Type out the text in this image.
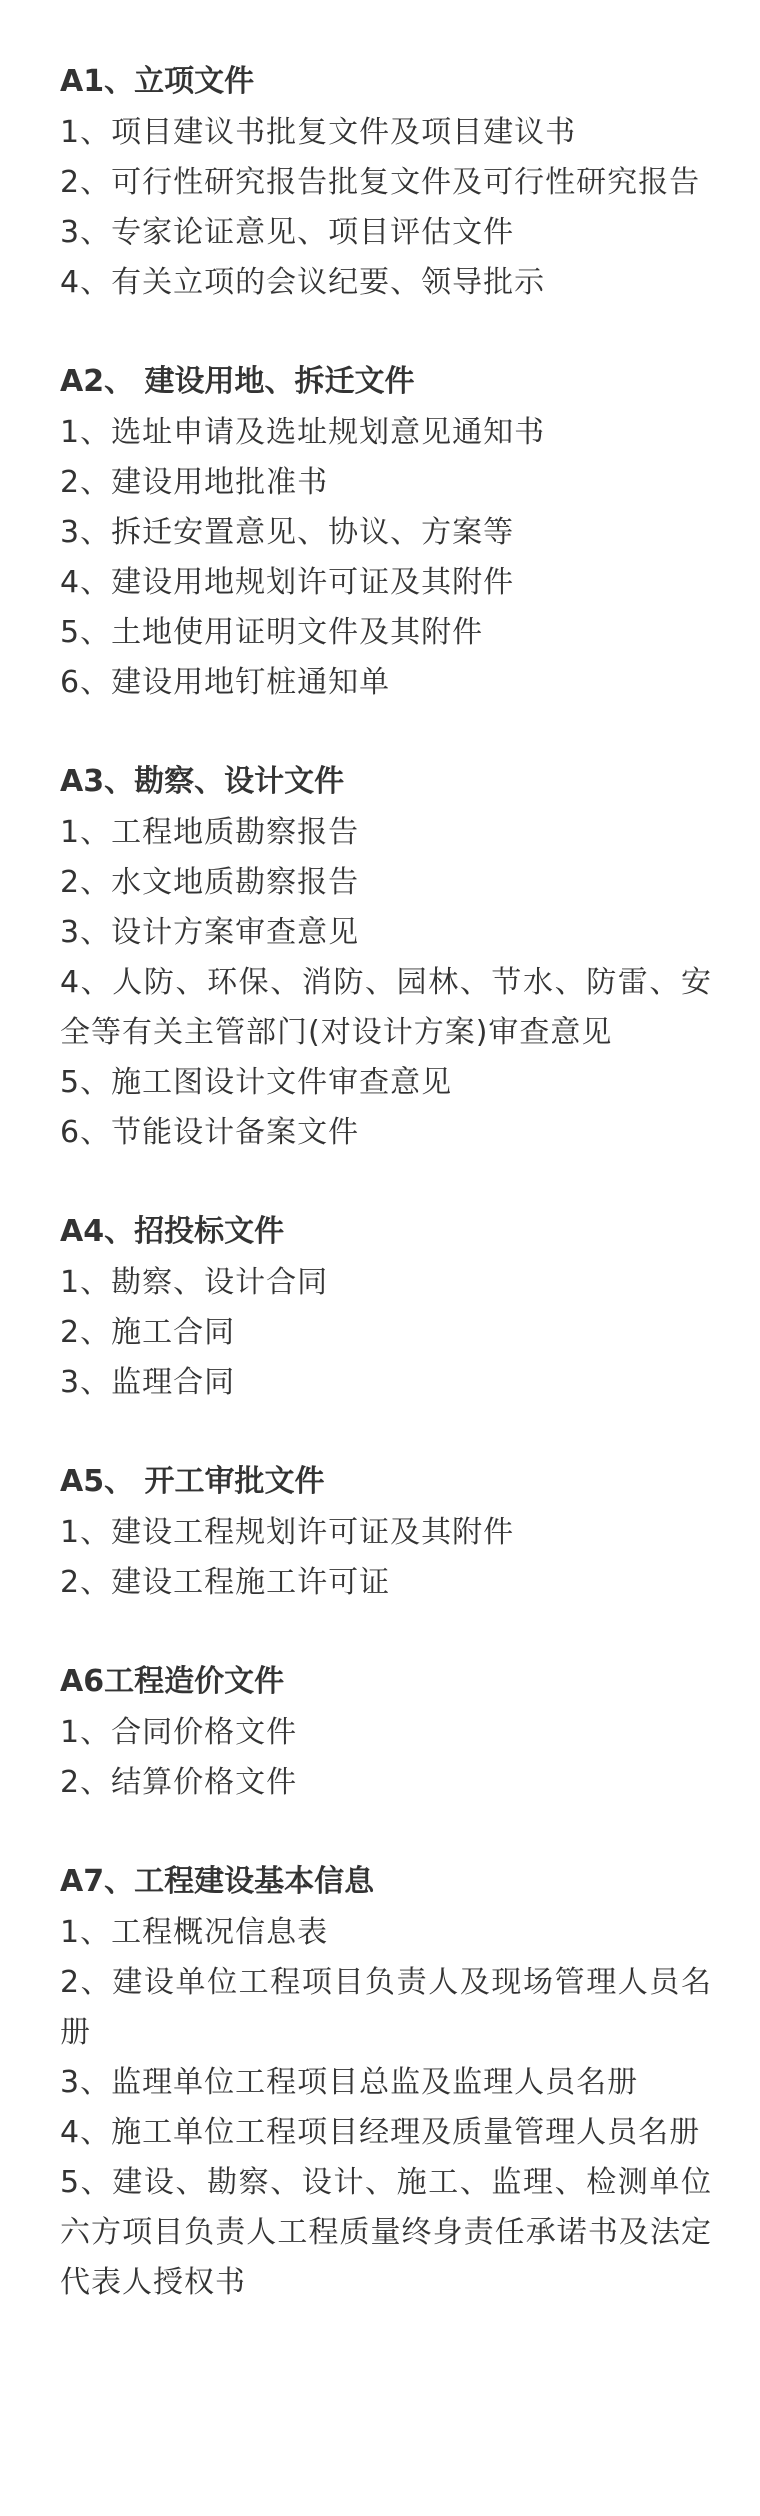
A1、立项文件

1、项目建议书批复文件及项目建议书

2、可行性研究报告批复文件及可行性研究报告

3、专家论证意见、项目评估文件

4、有关立项的会议纪要、领导批示

A2、 建设用地、拆迁文件

1、选址申请及选址规划意见通知书

2、建设用地批准书

3、拆迁安置意见、协议、方案等

4、建设用地规划许可证及其附件

5、土地使用证明文件及其附件

6、建设用地钉桩通知单

A3、勘察、设计文件

1、工程地质勘察报告

2、水文地质勘察报告

3、设计方案审查意见

4、人防、环保、消防、园林、节水、防雷、安全等有关主管部门(对设计方案)审查意见

5、施工图设计文件审查意见

6、节能设计备案文件

A4、招投标文件

1、勘察、设计合同

2、施工合同

3、监理合同

A5、 开工审批文件

1、建设工程规划许可证及其附件

2、建设工程施工许可证

A6工程造价文件

1、合同价格文件

2、结算价格文件

A7、工程建设基本信息

1、工程概况信息表

2、建设单位工程项目负责人及现场管理人员名册

3、监理单位工程项目总监及监理人员名册

4、施工单位工程项目经理及质量管理人员名册

5、建设、勘察、设计、施工、监理、检测单位六方项目负责人工程质量终身责任承诺书及法定代表人授权书
